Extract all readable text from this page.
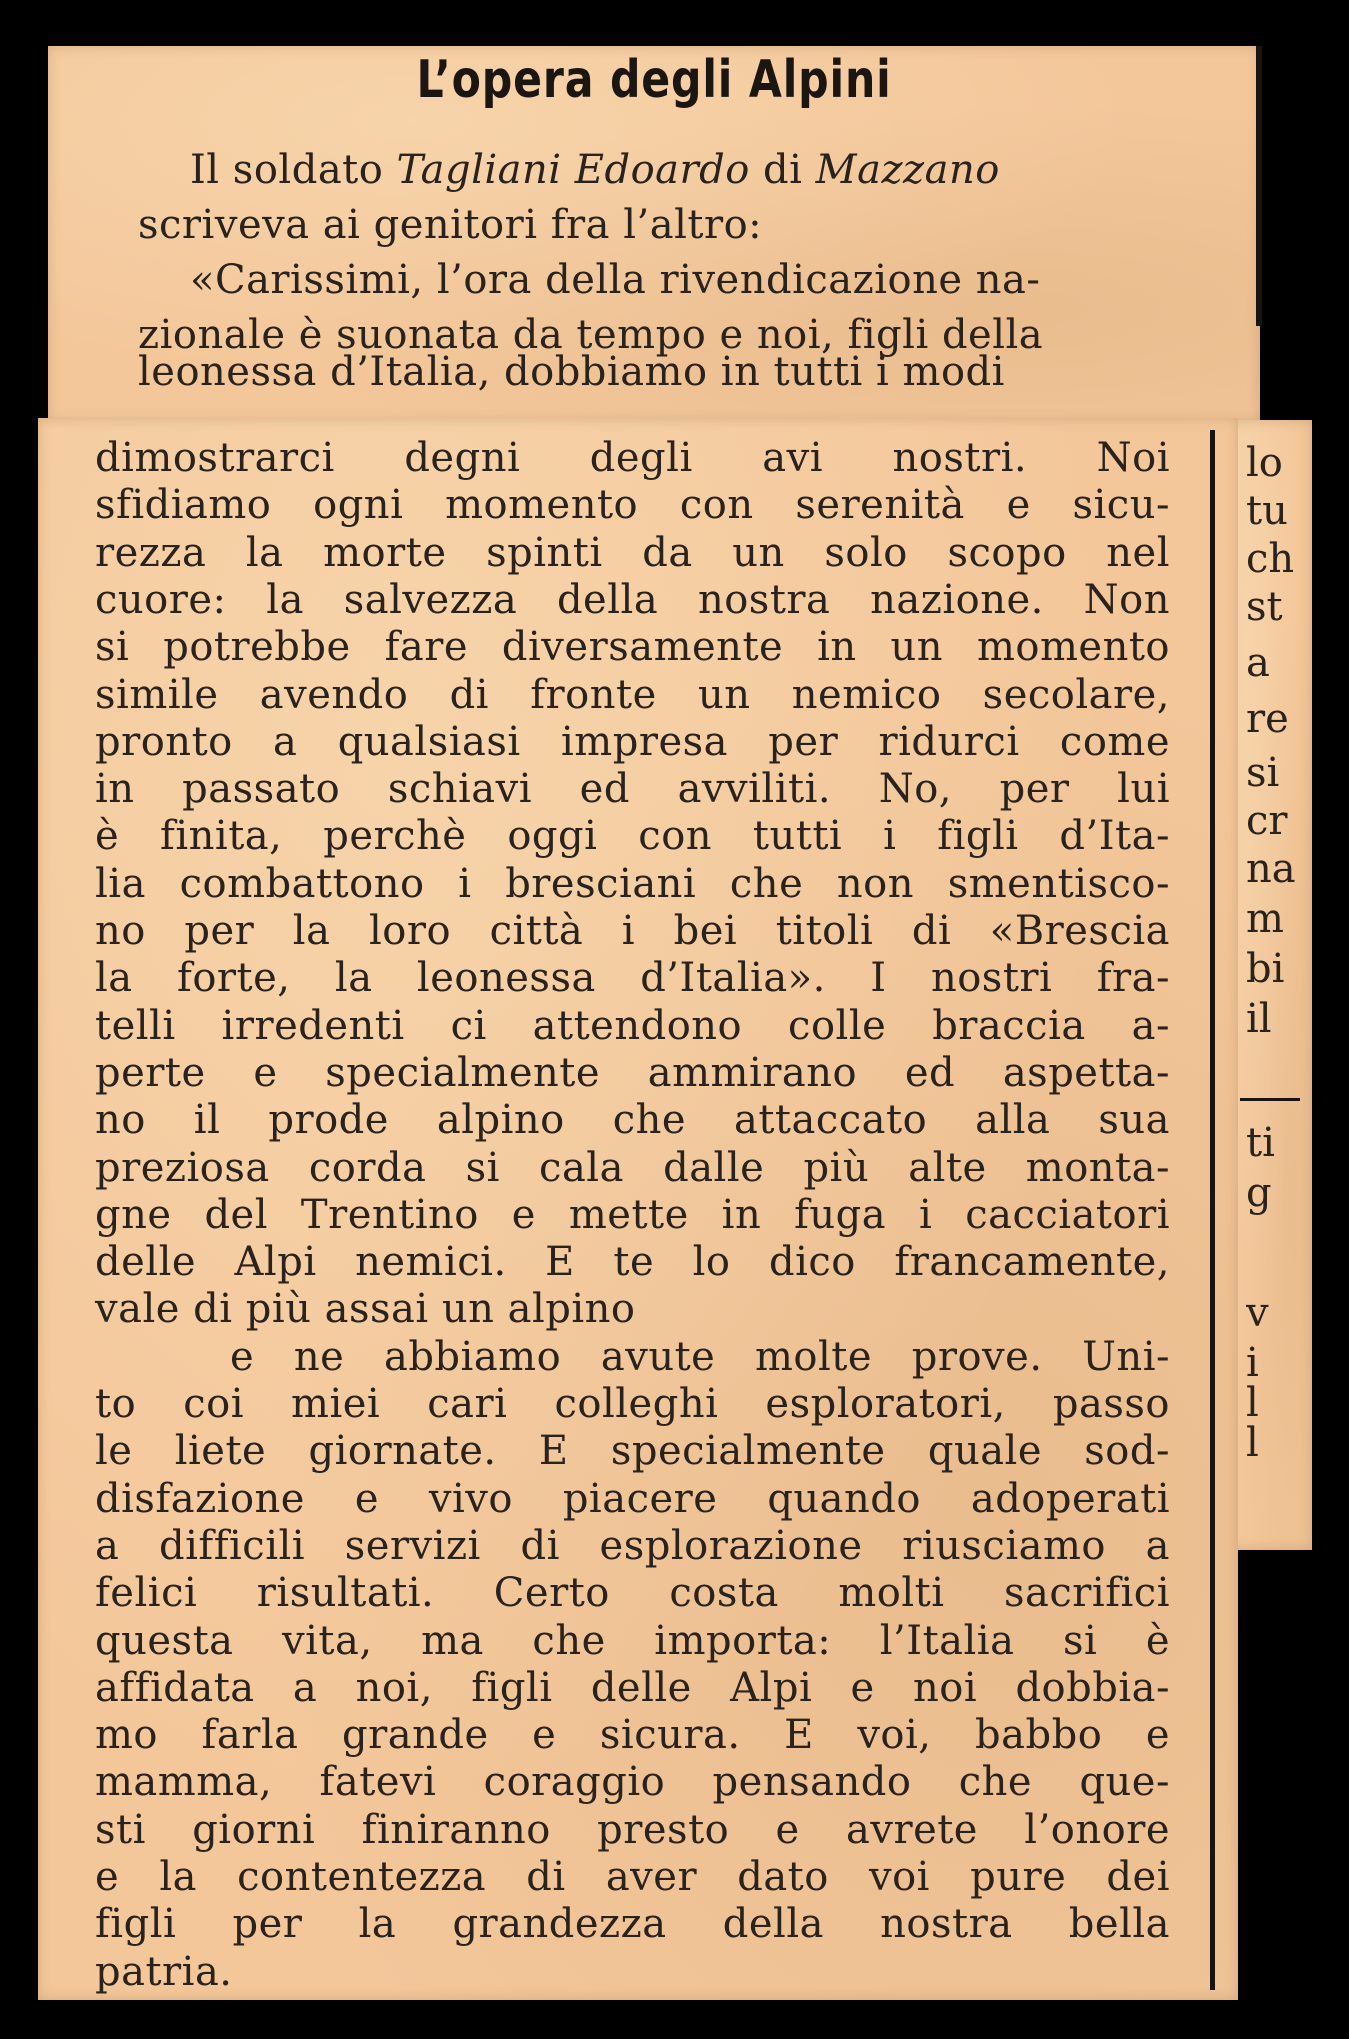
L’opera degli Alpini
Il soldato Tagliani Edoardo di Mazzano
scriveva ai genitori fra l’altro:
«Carissimi, l’ora della rivendicazione na-
zionale è suonata da tempo e noi, figli della
leonessa d’Italia, dobbiamo in tutti i modi
dimostrarci degni degli avi nostri. Noi
sfidiamo ogni momento con serenità e sicu-
rezza la morte spinti da un solo scopo nel
cuore: la salvezza della nostra nazione. Non
si potrebbe fare diversamente in un momento
simile avendo di fronte un nemico secolare,
pronto a qualsiasi impresa per ridurci come
in passato schiavi ed avviliti. No, per lui
è finita, perchè oggi con tutti i figli d’Ita-
lia combattono i bresciani che non smentisco-
no per la loro città i bei titoli di «Brescia
la forte, la leonessa d’Italia». I nostri fra-
telli irredenti ci attendono colle braccia a-
perte e specialmente ammirano ed aspetta-
no il prode alpino che attaccato alla sua
preziosa corda si cala dalle più alte monta-
gne del Trentino e mette in fuga i cacciatori
delle Alpi nemici. E te lo dico francamente,
vale di più assai un alpino
e ne abbiamo avute molte prove. Uni-
to coi miei cari colleghi esploratori, passo
le liete giornate. E specialmente quale sod-
disfazione e vivo piacere quando adoperati
a difficili servizi di esplorazione riusciamo a
felici risultati. Certo costa molti sacrifici
questa vita, ma che importa: l’Italia si è
affidata a noi, figli delle Alpi e noi dobbia-
mo farla grande e sicura. E voi, babbo e
mamma, fatevi coraggio pensando che que-
sti giorni finiranno presto e avrete l’onore
e la contentezza di aver dato voi pure dei
figli per la grandezza della nostra bella
patria.
lo
tu
ch
st
a
re
si
cr
na
m
bi
il
ti
g
v
i
l
l
